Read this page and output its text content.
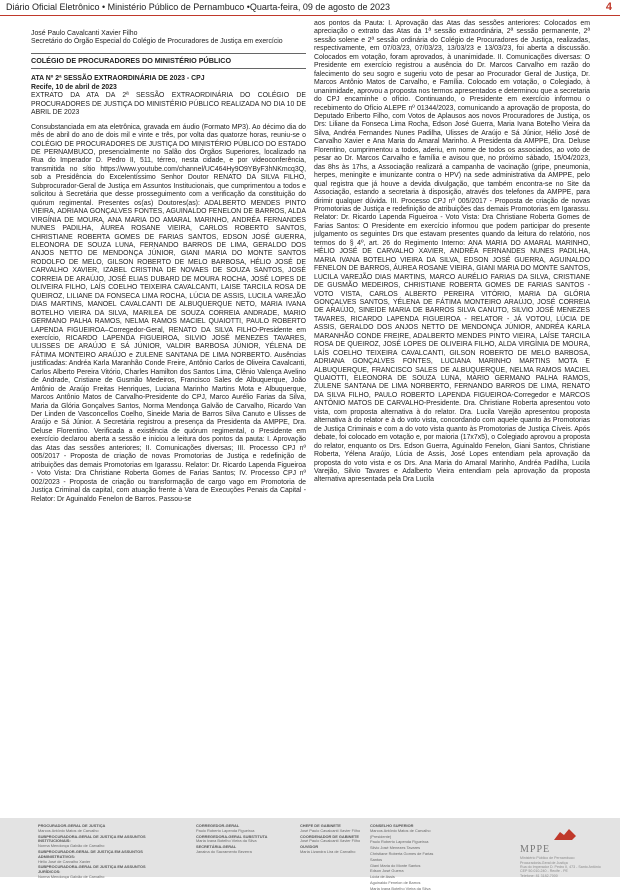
Diário Oficial Eletrônico • Ministério Público de Pernambuco •Quarta-feira, 09 de agosto de 2023	4

José Paulo Cavalcanti Xavier Filho

Secretário do Órgão Especial do Colégio de Procuradores de Justiça em exercício

COLÉGIO DE PROCURADORES DO MINISTÉRIO PÚBLICO

ATA Nº 2ª SESSÃO EXTRAORDINÁRIA DE 2023 - CPJ

Recife, 10 de abril de 2023

EXTRATO DA ATA DA 2ª SESSÃO EXTRAORDINÁRIA DO COLÉGIO DE PROCURADORES DE JUSTIÇA DO MINISTÉRIO PÚBLICO REALIZADA NO DIA 10 DE ABRIL DE 2023

Consubstanciada em ata eletrônica, gravada em áudio (Formato MP3). Ao décimo dia do mês de abril do ano de dois mil e vinte e três, por volta das quatorze horas, reuniu-se o COLÉGIO DE PROCURADORES DE JUSTIÇA DO MINISTÉRIO PÚBLICO DO ESTADO DE PERNAMBUCO, presencialmente no Salão dos Órgãos Superiores, localizado na Rua do Imperador D. Pedro II, 511, térreo, nesta cidade, e por videoconferência, transmitida no sítio https://www.youtube.com/channel/UC464Hy9O9YByF3hNKmcq3Q, sob a Presidência do Excelentíssimo Senhor Doutor RENATO DA SILVA FILHO, Subprocurador-Geral de Justiça em Assuntos Institucionais, que cumprimentou a todos e solicitou à Secretária que desse prosseguimento com a verificação da constituição do quórum regimental. Presentes os(as) Doutores(as): ADALBERTO MENDES PINTO VIEIRA, ADRIANA GONÇALVES FONTES, AGUINALDO FENELON DE BARROS, ALDA VIRGÍNIA DE MOURA, ANA MARIA DO AMARAL MARINHO, ANDRÉA FERNANDES NUNES PADILHA, ÁUREA ROSANE VIEIRA, CARLOS ROBERTO SANTOS, CHRISTIANE ROBERTA GOMES DE FARIAS SANTOS, EDSON JOSÉ GUERRA, ELEONORA DE SOUZA LUNA, FERNANDO BARROS DE LIMA, GERALDO DOS ANJOS NETTO DE MENDONÇA JÚNIOR, GIANI MARIA DO MONTE SANTOS RODOLFO DE MELO, GILSON ROBERTO DE MELO BARBOSA, HÉLIO JOSÉ DE CARVALHO XAVIER, IZABEL CRISTINA DE NOVAES DE SOUZA SANTOS, JOSÉ CORREIA DE ARAÚJO, JOSÉ ELIAS DUBARD DE MOURA ROCHA, JOSÉ LOPES DE OLIVEIRA FILHO, LAÍS COELHO TEIXEIRA CAVALCANTI, LAISE TARCILA ROSA DE QUEIROZ, LILIANE DA FONSECA LIMA ROCHA, LÚCIA DE ASSIS, LUCILA VAREJÃO DIAS MARTINS, MANOEL CAVALCANTI DE ALBUQUERQUE NETO, MARIA IVANA BOTELHO VIEIRA DA SILVA, MARILEA DE SOUZA CORREIA ANDRADE, MARIO GERMANO PALHA RAMOS, NELMA RAMOS MACIEL QUAIOTTI, PAULO ROBERTO LAPENDA FIGUEIROA–Corregedor-Geral, RENATO DA SILVA FILHO-Presidente em exercício, RICARDO LAPENDA FIGUEIROA, SILVIO JOSÉ MENEZES TAVARES, ULISSES DE ARAÚJO E SÁ JÚNIOR, VALDIR BARBOSA JÚNIOR, YÉLENA DE FÁTIMA MONTEIRO ARAÚJO e ZULENE SANTANA DE LIMA NORBERTO. Ausências justificadas: Andréa Karla Maranhão Conde Freire, Antônio Carlos de Oliveira Cavalcanti, Carlos Alberto Pereira Vitório, Charles Hamilton dos Santos Lima, Clênio Valença Avelino de Andrade, Cristiane de Gusmão Medeiros, Francisco Sales de Albuquerque, João Antônio de Araújo Freitas Henriques, Luciana Marinho Martins Mota e Albuquerque, Marcos Antônio Matos de Carvalho-Presidente do CPJ, Marco Aurélio Farias da Silva, Maria da Glória Gonçalves Santos, Norma Mendonça Galvão de Carvalho, Ricardo Van Der Linden de Vasconcellos Coelho, Sineide Maria de Barros Silva Canuto e Ulisses de Araújo e Sá Júnior. A Secretária registrou a presença da Presidenta da AMPPE, Dra. Deluse Florentino. Verificada a existência de quórum regimental, o Presidente em exercício declarou aberta a sessão e iniciou a leitura dos pontos da pauta: I. Aprovação das Atas das sessões anteriores; II. Comunicações diversas; III. Processo CPJ nº 005/2017 - Proposta de criação de novas Promotorias de Justiça e redefinição de atribuições das demais Promotorias em Igarassu. Relator: Dr. Ricardo Lapenda Figueiroa - Voto Vista: Dra Christiane Roberta Gomes de Farias Santos; IV. Processo CPJ nº 002/2023 - Proposta de criação ou transformação de cargo vago em Promotoria de Justiça Criminal da capital, com atuação frente à Vara de Execuções Penais da Capital - Relator: Dr Aguinaldo Fenelon de Barros. Passou-se

aos pontos da Pauta: I. Aprovação das Atas das sessões anteriores: Colocados em apreciação o extrato das Atas da 1ª sessão extraordinária, 2ª sessão permanente, 2ª sessão solene e 2ª sessão ordinária do Colégio de Procuradores de Justiça, realizadas, respectivamente, em 07/03/23, 07/03/23, 13/03/23 e 13/03/23, foi aberta a discussão. Colocados em votação, foram aprovados, à unanimidade. II. Comunicações diversas: O Presidente em exercício registrou a ausência do Dr. Marcos Carvalho em razão do falecimento do seu sogro e sugeriu voto de pesar ao Procurador Geral de Justiça, Dr. Marcos Antônio Matos de Carvalho, e Família. Colocado em votação, o Colegiado, à unanimidade, aprovou a proposta nos termos apresentados e determinou que a secretaria do CPJ encaminhe o ofício. Continuando, o Presidente em exercício informou o recebimento do Ofício ALEPE nº 01344/2023, comunicando a aprovação de proposta, do Deputado Eriberto Filho, com Votos de Aplausos aos novos Procuradores de Justiça, os Drs: Liliane da Fonseca Lima Rocha, Edson José Guerra, Maria Ivana Botelho Vieira da Silva, Andréa Fernandes Nunes Padilha, Ulisses de Araújo e Sá Júnior, Hélio José de Carvalho Xavier e Ana Maria do Amaral Marinho. A Presidenta da AMPPE, Dra. Deluse Florentino, cumprimentou a todos, aderiu, em nome de todos os associados, ao voto de pesar ao Dr. Marcos Carvalho e família e avisou que, no próximo sábado, 15/04/2023, das 8hs às 17hs, a Associação realizará a campanha de vacinação (gripe, pneumonia, herpes, meningite e imunizante contra o HPV) na sede administrativa da AMPPE, pelo qual registra que já houve a devida divulgação, que também encontra-se no Site da Associação, estando a secretaria à disposição, através dos telefones da AMPPE, para dirimir qualquer dúvida. III. Processo CPJ nº 005/2017 - Proposta de criação de novas Promotorias de Justiça e redefinição de atribuições das demais Promotorias em Igarassu. Relator: Dr. Ricardo Lapenda Figueiroa - Voto Vista: Dra Christiane Roberta Gomes de Farias Santos: O Presidente em exercício informou que podem participar do presente julgamento os seguintes Drs que estavam presentes quando da leitura do relatório, nos termos do § 4º, art. 26 do Regimento Interno: ANA MARIA DO AMARAL MARINHO, HÉLIO JOSÉ DE CARVALHO XAVIER, ANDRÉA FERNANDES NUNES PADILHA, MARIA IVANA BOTELHO VIEIRA DA SILVA, EDSON JOSÉ GUERRA, AGUINALDO FENELON DE BARROS, ÁUREA ROSANE VIEIRA, GIANI MARIA DO MONTE SANTOS, LUCILA VAREJÃO DIAS MARTINS, MARCO AURÉLIO FARIAS DA SILVA, CRISTIANE DE GUSMÃO MEDEIROS, CHRISTIANE ROBERTA GOMES DE FARIAS SANTOS - VOTO VISTA, CARLOS ALBERTO PEREIRA VITÓRIO, MARIA DA GLÓRIA GONÇALVES SANTOS, YÉLENA DE FÁTIMA MONTEIRO ARAÚJO, JOSÉ CORREIA DE ARAÚJO, SINEIDE MARIA DE BARROS SILVA CANUTO, SILVIO JOSÉ MENEZES TAVARES, RICARDO LAPENDA FIGUEIROA - RELATOR - JÁ VOTOU, LÚCIA DE ASSIS, GERALDO DOS ANJOS NETTO DE MENDONÇA JÚNIOR, ANDRÉA KARLA MARANHÃO CONDE FREIRE, ADALBERTO MENDES PINTO VIEIRA, LAÍSE TARCILA ROSA DE QUEIROZ, JOSÉ LOPES DE OLIVEIRA FILHO, ALDA VIRGÍNIA DE MOURA, LAÍS COELHO TEIXEIRA CAVALCANTI, GILSON ROBERTO DE MELO BARBOSA, ADRIANA GONÇALVES FONTES, LUCIANA MARINHO MARTINS MOTA E ALBUQUERQUE, FRANCISCO SALES DE ALBUQUERQUE, NELMA RAMOS MACIEL QUAIOTTI, ELEONORA DE SOUZA LUNA, MARIO GERMANO PALHA RAMOS, ZULENE SANTANA DE LIMA NORBERTO, FERNANDO BARROS DE LIMA, RENATO DA SILVA FILHO, PAULO ROBERTO LAPENDA FIGUEIROA-Corregedor e MARCOS ANTÔNIO MATOS DE CARVALHO-Presidente. Dra. Christiane Roberta apresentou voto vista, com proposta alternativa à do relator. Dra. Lucila Varejão apresentou proposta alternativa à do relator e à do voto vista, concordando com aquele quanto às Promotorias de Justiça Criminais e com a do voto vista quanto às Promotorias de Justiça Cíveis. Após debate, foi colocado em votação e, por maioria (17x7x5), o Colegiado aprovou a proposta do relator, enquanto os Drs. Edson Guerra, Aguinaldo Fenelon, Giani Santos, Christiane Roberta, Yélena Araújo, Lúcia de Assis, José Lopes entendiam pela aprovação da proposta do voto vista e os Drs. Ana Maria do Amaral Marinho, Andréa Padilha, Lucila Varejão, Silvio Tavares e Adalberto Vieira entendiam pela aprovação da proposta alternativa apresentada pela Dra Lucila

PROCURADOR-GERAL DE JUSTIÇA
Marcos Antônio Matos de Carvalho
SUBPROCURADORA-GERAL DE JUSTIÇA EM ASSUNTOS INSTITUCIONAIS:
Norma Mendonça Galvão de Carvalho
SUBPROCURADOR-GERAL DE JUSTIÇA EM ASSUNTOS ADMINISTRATIVOS:
Hélio José de Carvalho Xavier
SUBPROCURADORA-GERAL DE JUSTIÇA EM ASSUNTOS JURÍDICOS:
Norma Mendonça Galvão de Carvalho
CORREGEDOR-GERAL
Paulo Roberto Lapenda Figueiroa
CORREGEDORA-GERAL SUBSTITUTA
Maria Ivana Botelho Vieira da Silva
SECRETÁRIA-GERAL
Janaina do Sacramento Bezerra
CHEFE DE GABINETE
José Paulo Cavalcanti Xavier Filho
COORDENADOR DE GABINETE
José Paulo Cavalcanti Xavier Filho
OUVIDOR
Maria Lizandra Lira de Carvalho
CONSELHO SUPERIOR
Marcos Antônio Matos de Carvalho
(Presidente)
Paulo Roberto Lapenda Figueiroa
Silvio José Menezes Tavares
Christiane Roberta Gomes de Farias
Santos
Giani Maria do Monte Santos
Edson José Guerra
Lúcia de Assis
Aguinaldo Fenelon de Barros
Maria Ivana Botelho Vieira da Silva
MPPE
Ministério Público de Pernambuco
Procuradoria-Geral de Justiça
Rua do Imperador D. Pedro II, 473 - Santo Antônio
CEP 50.010-240 - Recife - PE
Telefone: 81 3182-7000
